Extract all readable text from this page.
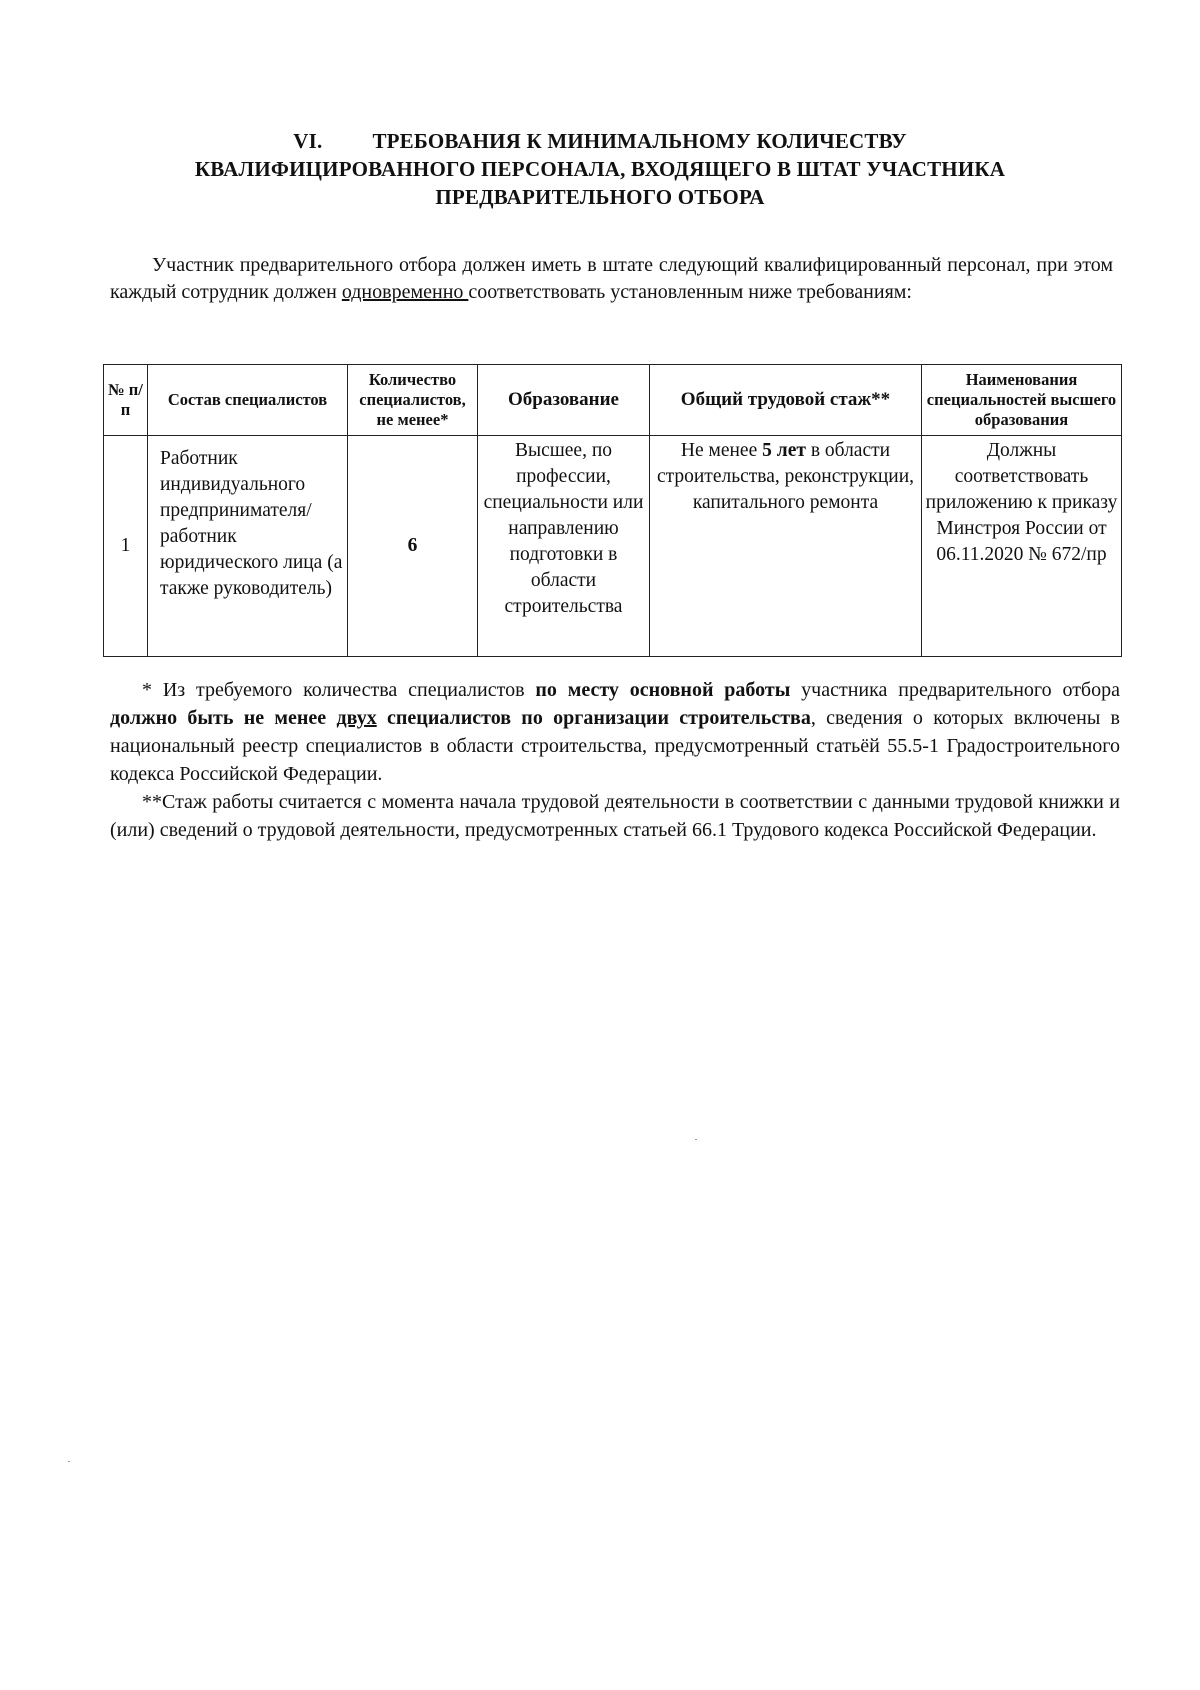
VI. ТРЕБОВАНИЯ К МИНИМАЛЬНОМУ КОЛИЧЕСТВУ
КВАЛИФИЦИРОВАННОГО ПЕРСОНАЛА, ВХОДЯЩЕГО В ШТАТ УЧАСТНИКА
ПРЕДВАРИТЕЛЬНОГО ОТБОРА
Участник предварительного отбора должен иметь в штате следующий квалифицированный персонал, при этом каждый сотрудник должен одновременно соответствовать установленным ниже требованиям:
№ п/п	Состав специалистов	Количество специалистов, не менее*	Образование	Общий трудовой стаж**	Наименования специальностей высшего образования
1	Работник индивидуального предпринимателя/ работник юридического лица (а также руководитель)	6	Высшее, по профессии, специальности или направлению подготовки в области строительства	Не менее 5 лет в области строительства, реконструкции, капитального ремонта	Должны соответствовать приложению к приказу Минстроя России от 06.11.2020 № 672/пр

* Из требуемого количества специалистов по месту основной работы участника предварительного отбора должно быть не менее двух специалистов по организации строительства, сведения о которых включены в национальный реестр специалистов в области строительства, предусмотренный статьёй 55.5-1 Градостроительного кодекса Российской Федерации.

**Стаж работы считается с момента начала трудовой деятельности в соответствии с данными трудовой книжки и (или) сведений о трудовой деятельности, предусмотренных статьей 66.1 Трудового кодекса Российской Федерации.
